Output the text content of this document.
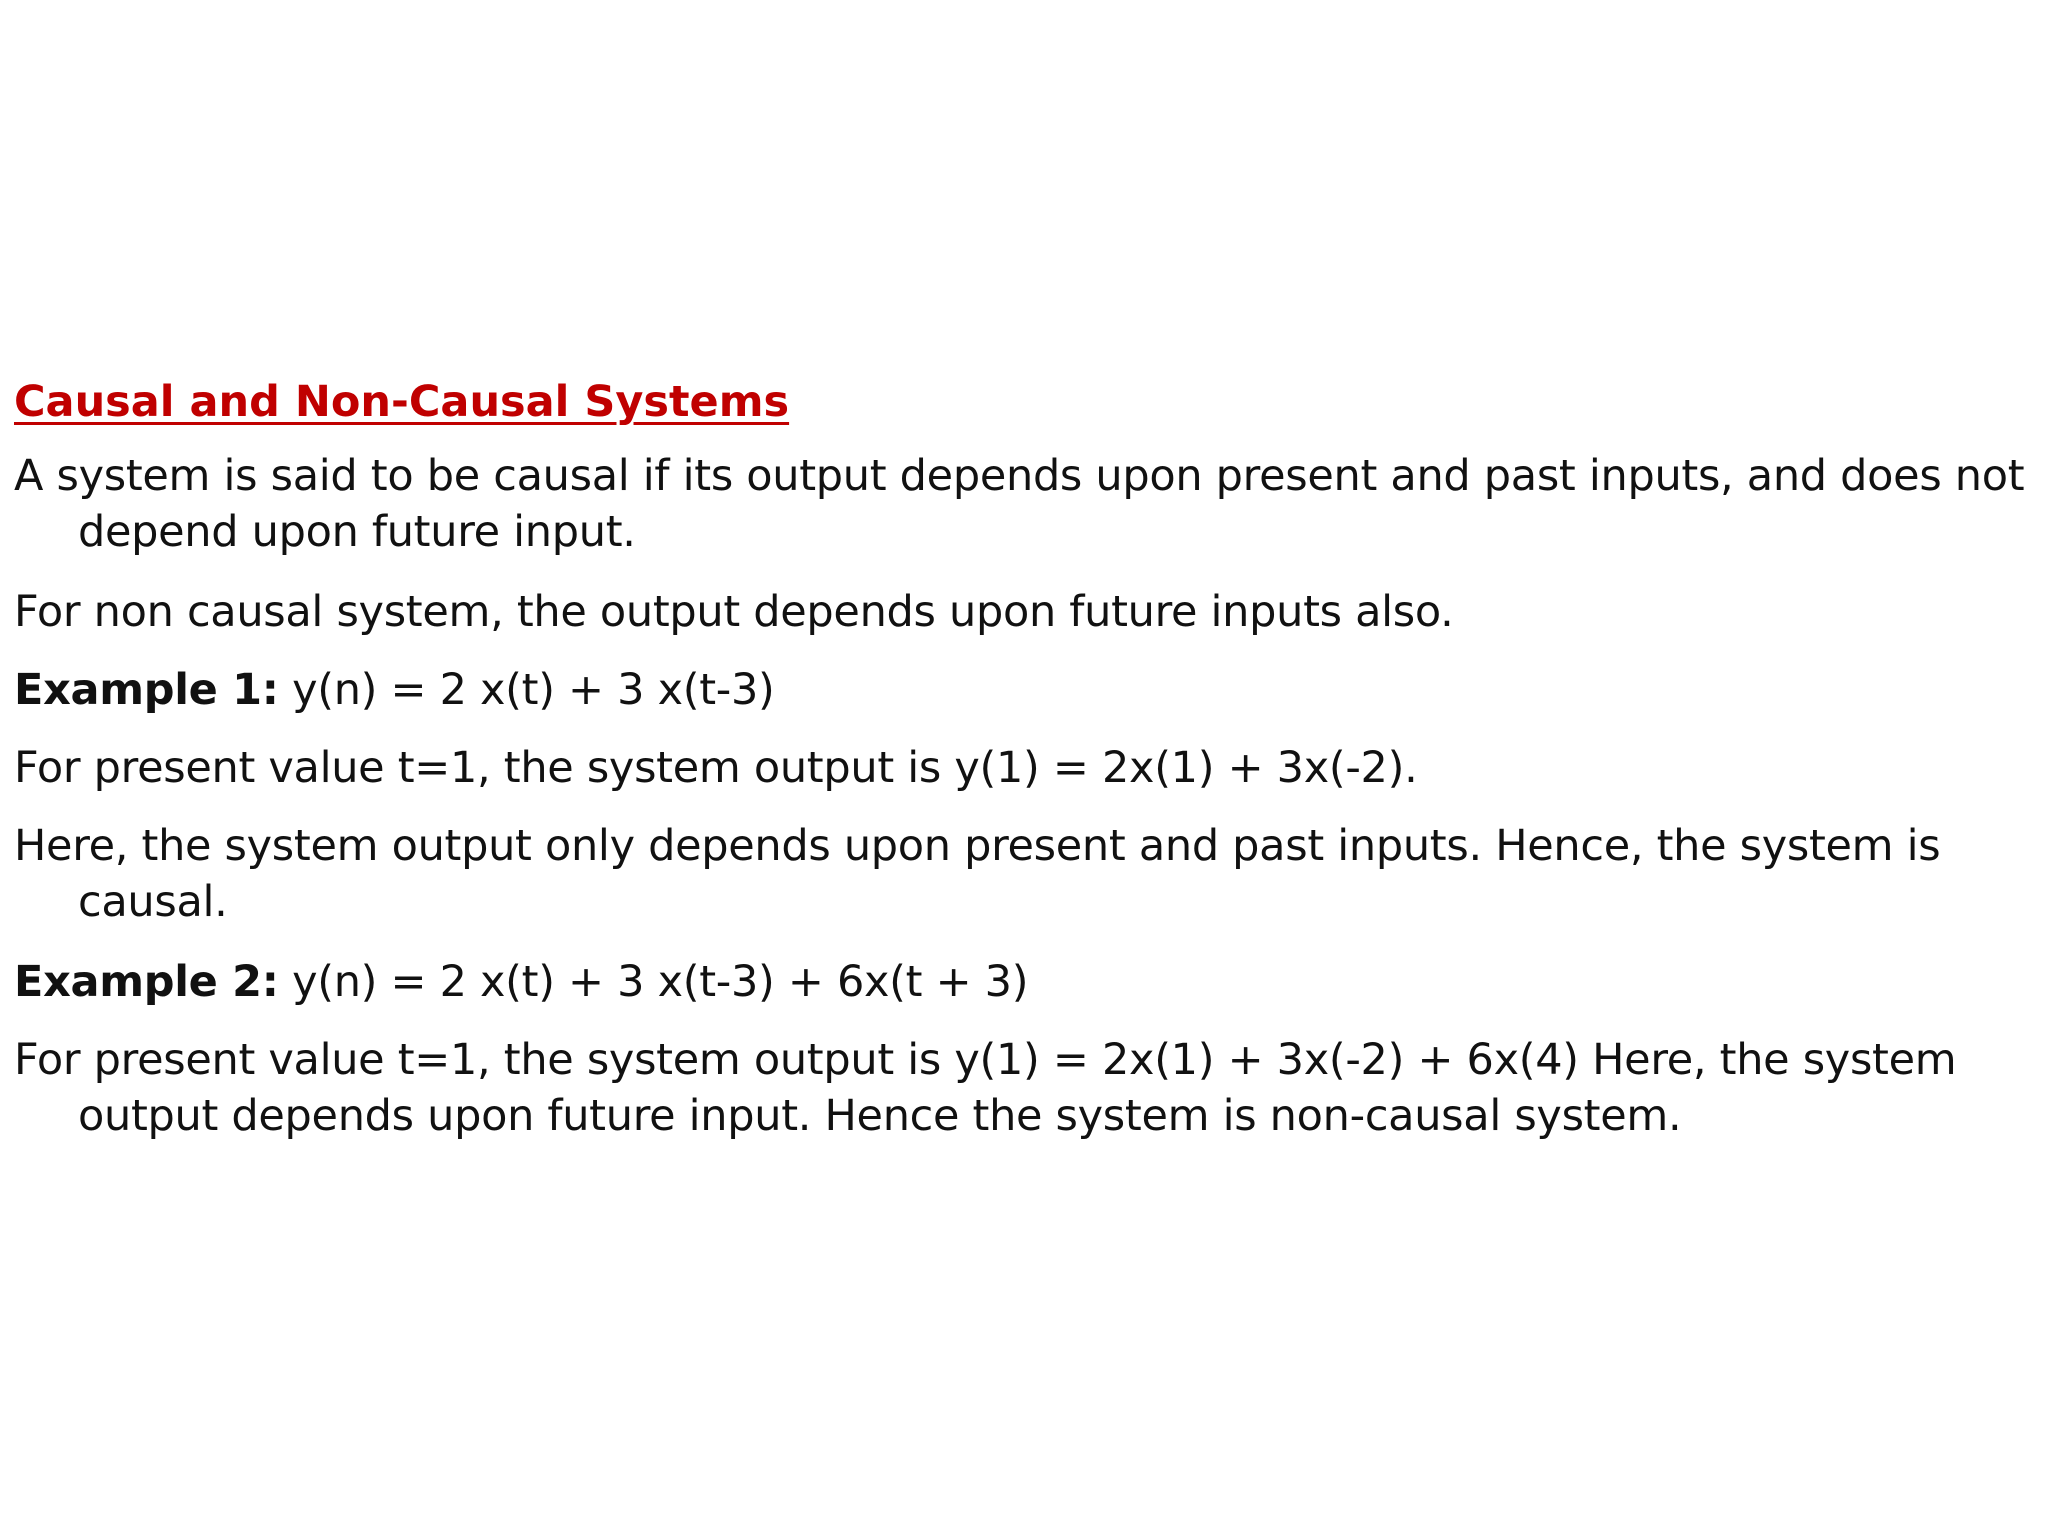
Causal and Non-Causal Systems

A system is said to be causal if its output depends upon present and past inputs, and does not depend upon future input.

For non causal system, the output depends upon future inputs also.

Example 1: y(n) = 2 x(t) + 3 x(t-3)

For present value t=1, the system output is y(1) = 2x(1) + 3x(-2).

Here, the system output only depends upon present and past inputs. Hence, the system is causal.

Example 2: y(n) = 2 x(t) + 3 x(t-3) + 6x(t + 3)

For present value t=1, the system output is y(1) = 2x(1) + 3x(-2) + 6x(4) Here, the system output depends upon future input. Hence the system is non-causal system.
